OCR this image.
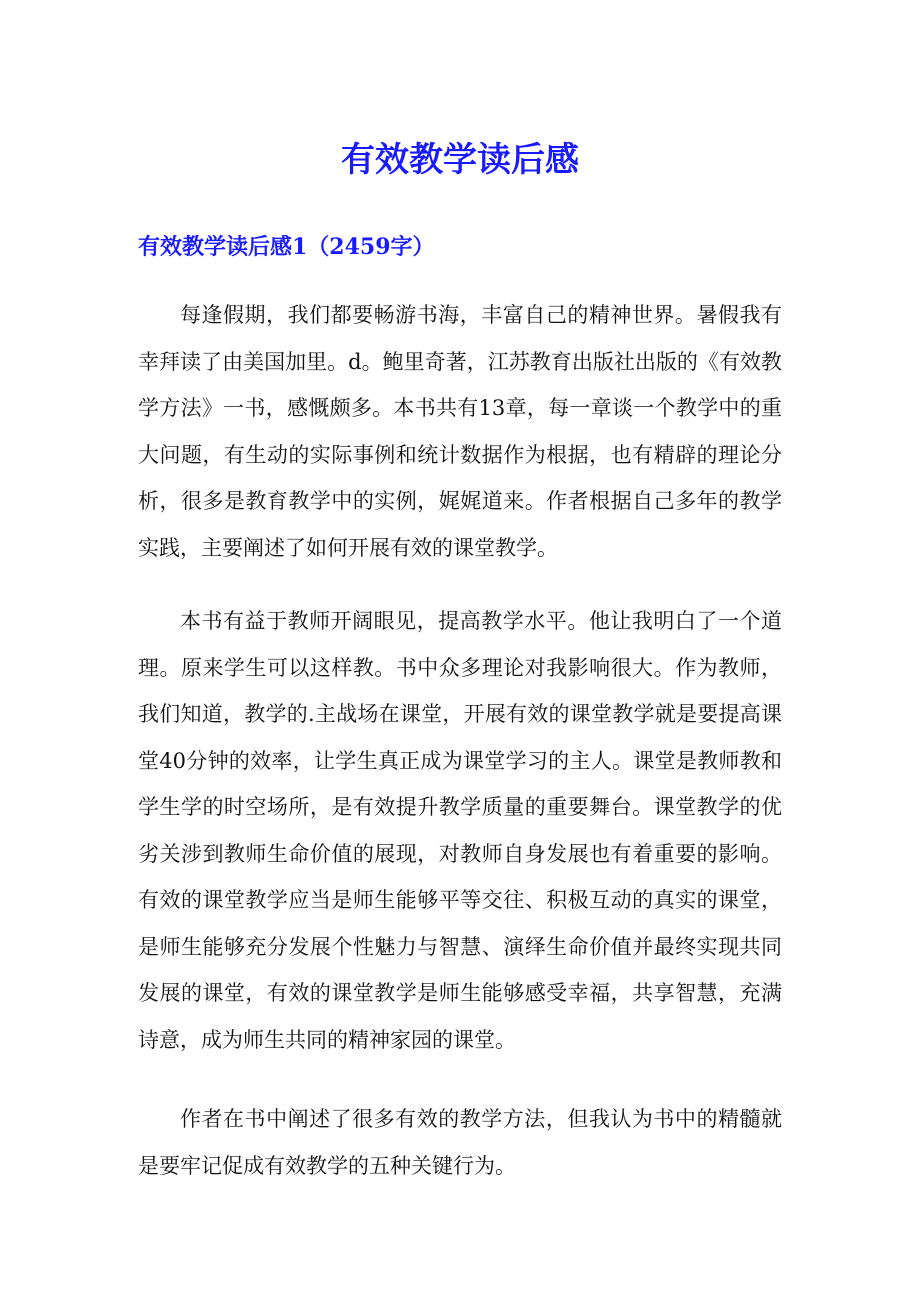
有效教学读后感
有效教学读后感1（2459字）

每逢假期，我们都要畅游书海，丰富自己的精神世界。暑假我有幸拜读了由美国加里。d。鲍里奇著，江苏教育出版社出版的《有效教学方法》一书，感慨颇多。本书共有13章，每一章谈一个教学中的重大问题，有生动的实际事例和统计数据作为根据，也有精辟的理论分析，很多是教育教学中的实例，娓娓道来。作者根据自己多年的教学实践，主要阐述了如何开展有效的课堂教学。

本书有益于教师开阔眼见，提高教学水平。他让我明白了一个道理。原来学生可以这样教。书中众多理论对我影响很大。作为教师，我们知道，教学的.主战场在课堂，开展有效的课堂教学就是要提高课堂40分钟的效率，让学生真正成为课堂学习的主人。课堂是教师教和学生学的时空场所，是有效提升教学质量的重要舞台。课堂教学的优劣关涉到教师生命价值的展现，对教师自身发展也有着重要的影响。有效的课堂教学应当是师生能够平等交往、积极互动的真实的课堂，是师生能够充分发展个性魅力与智慧、演绎生命价值并最终实现共同发展的课堂，有效的课堂教学是师生能够感受幸福，共享智慧，充满诗意，成为师生共同的精神家园的课堂。

作者在书中阐述了很多有效的教学方法，但我认为书中的精髓就是要牢记促成有效教学的五种关键行为。
